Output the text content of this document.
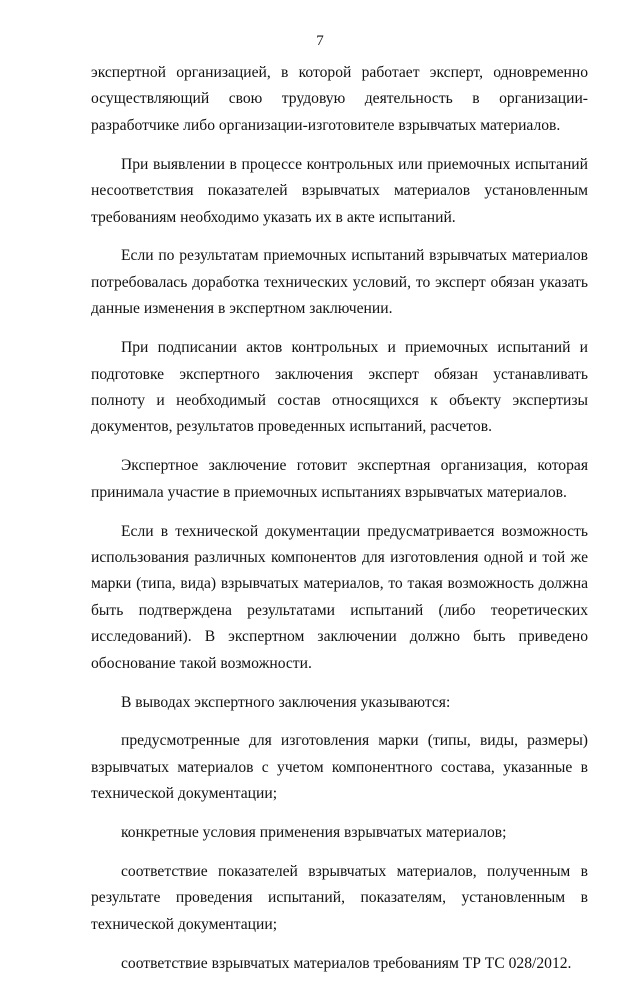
7

экспертной организацией, в которой работает эксперт, одновременно осуществляющий свою трудовую деятельность в организации-разработчике либо организации-изготовителе взрывчатых материалов.

При выявлении в процессе контрольных или приемочных испытаний несоответствия показателей взрывчатых материалов установленным требованиям необходимо указать их в акте испытаний.

Если по результатам приемочных испытаний взрывчатых материалов потребовалась доработка технических условий, то эксперт обязан указать данные изменения в экспертном заключении.

При подписании актов контрольных и приемочных испытаний и подготовке экспертного заключения эксперт обязан устанавливать полноту и необходимый состав относящихся к объекту экспертизы документов, результатов проведенных испытаний, расчетов.

Экспертное заключение готовит экспертная организация, которая принимала участие в приемочных испытаниях взрывчатых материалов.

Если в технической документации предусматривается возможность использования различных компонентов для изготовления одной и той же марки (типа, вида) взрывчатых материалов, то такая возможность должна быть подтверждена результатами испытаний (либо теоретических исследований). В экспертном заключении должно быть приведено обоснование такой возможности.

В выводах экспертного заключения указываются:

предусмотренные для изготовления марки (типы, виды, размеры) взрывчатых материалов с учетом компонентного состава, указанные в технической документации;

конкретные условия применения взрывчатых материалов;

соответствие показателей взрывчатых материалов, полученным в результате проведения испытаний, показателям, установленным в технической документации;

соответствие взрывчатых материалов требованиям ТР ТС 028/2012.
